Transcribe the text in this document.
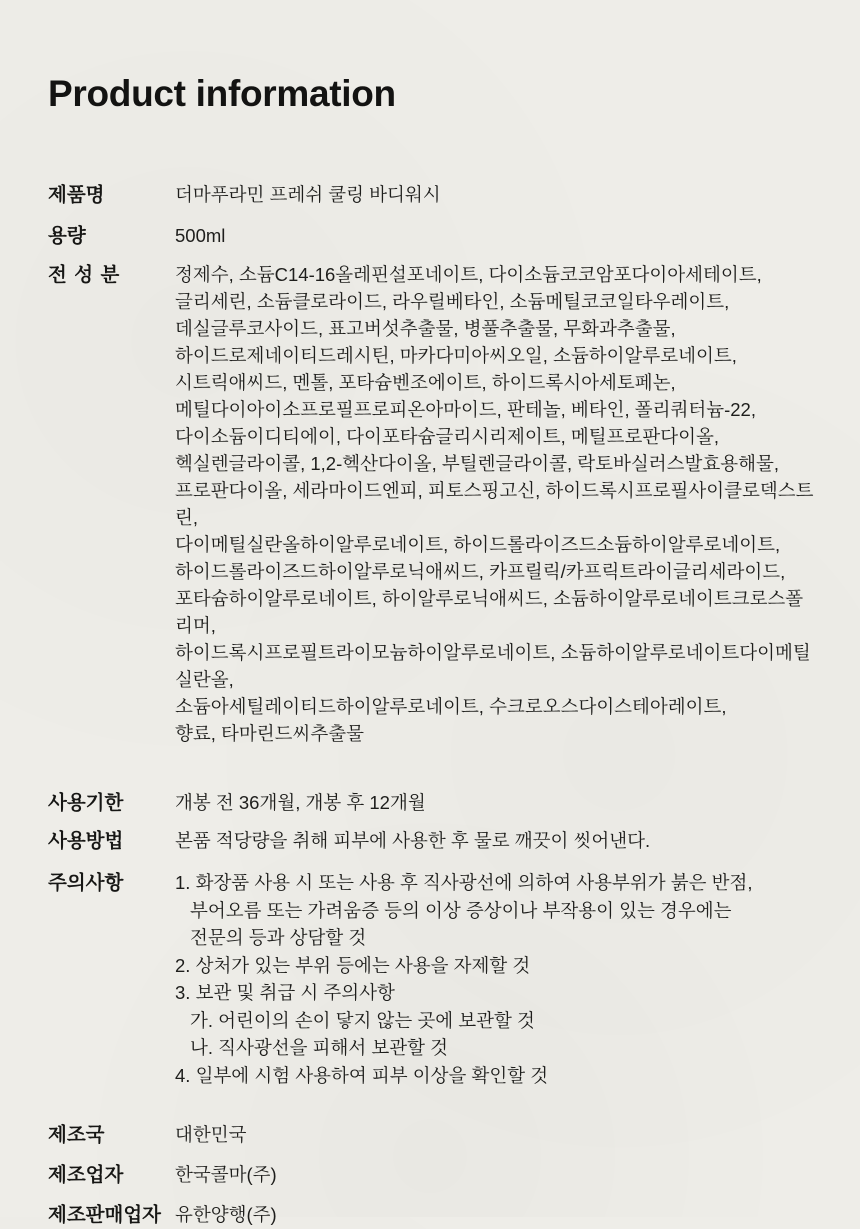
Product information
제품명	더마푸라민 프레쉬 쿨링 바디워시
용량	500ml
전 성 분	정제수, 소듐C14-16올레핀설포네이트, 다이소듐코코암포다이아세테이트,
글리세린, 소듐클로라이드, 라우릴베타인, 소듐메틸코코일타우레이트,
데실글루코사이드, 표고버섯추출물, 병풀추출물, 무화과추출물,
하이드로제네이티드레시틴, 마카다미아씨오일, 소듐하이알루로네이트,
시트릭애씨드, 멘톨, 포타슘벤조에이트, 하이드록시아세토페논,
메틸다이아이소프로필프로피온아마이드, 판테놀, 베타인, 폴리쿼터늄-22,
다이소듐이디티에이, 다이포타슘글리시리제이트, 메틸프로판다이올,
헥실렌글라이콜, 1,2-헥산다이올, 부틸렌글라이콜, 락토바실러스발효용해물,
프로판다이올, 세라마이드엔피, 피토스핑고신, 하이드록시프로필사이클로덱스트린,
다이메틸실란올하이알루로네이트, 하이드롤라이즈드소듐하이알루로네이트,
하이드롤라이즈드하이알루로닉애씨드, 카프릴릭/카프릭트라이글리세라이드,
포타슘하이알루로네이트, 하이알루로닉애씨드, 소듐하이알루로네이트크로스폴리머,
하이드록시프로필트라이모늄하이알루로네이트, 소듐하이알루로네이트다이메틸실란올,
소듐아세틸레이티드하이알루로네이트, 수크로오스다이스테아레이트,
향료, 타마린드씨추출물
사용기한	개봉 전 36개월, 개봉 후 12개월
사용방법	본품 적당량을 취해 피부에 사용한 후 물로 깨끗이 씻어낸다.
주의사항	1. 화장품 사용 시 또는 사용 후 직사광선에 의하여 사용부위가 붉은 반점,
부어오름 또는 가려움증 등의 이상 증상이나 부작용이 있는 경우에는
전문의 등과 상담할 것
2. 상처가 있는 부위 등에는 사용을 자제할 것
3. 보관 및 취급 시 주의사항
가. 어린이의 손이 닿지 않는 곳에 보관할 것
나. 직사광선을 피해서 보관할 것
4. 일부에 시험 사용하여 피부 이상을 확인할 것
제조국	대한민국
제조업자	한국콜마(주)
제조판매업자 유한양행(주)
